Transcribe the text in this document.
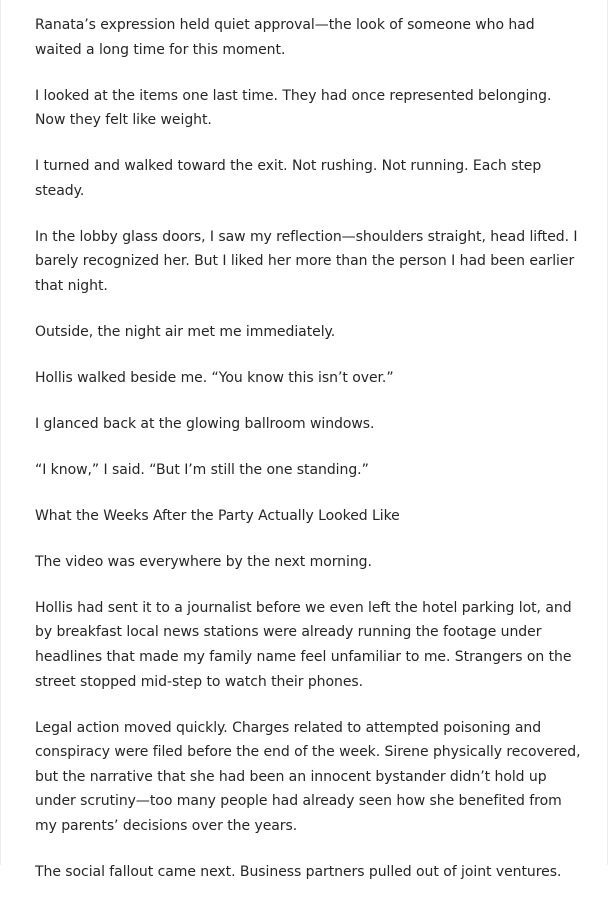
Ranata’s expression held quiet approval—the look of someone who had waited a long time for this moment.

I looked at the items one last time. They had once represented belonging. Now they felt like weight.

I turned and walked toward the exit. Not rushing. Not running. Each step steady.

In the lobby glass doors, I saw my reflection—shoulders straight, head lifted. I barely recognized her. But I liked her more than the person I had been earlier that night.

Outside, the night air met me immediately.

Hollis walked beside me. “You know this isn’t over.”

I glanced back at the glowing ballroom windows.

“I know,” I said. “But I’m still the one standing.”

What the Weeks After the Party Actually Looked Like

The video was everywhere by the next morning.

Hollis had sent it to a journalist before we even left the hotel parking lot, and by breakfast local news stations were already running the footage under headlines that made my family name feel unfamiliar to me. Strangers on the street stopped mid-step to watch their phones.

Legal action moved quickly. Charges related to attempted poisoning and conspiracy were filed before the end of the week. Sirene physically recovered, but the narrative that she had been an innocent bystander didn’t hold up under scrutiny—too many people had already seen how she benefited from my parents’ decisions over the years.

The social fallout came next. Business partners pulled out of joint ventures.
